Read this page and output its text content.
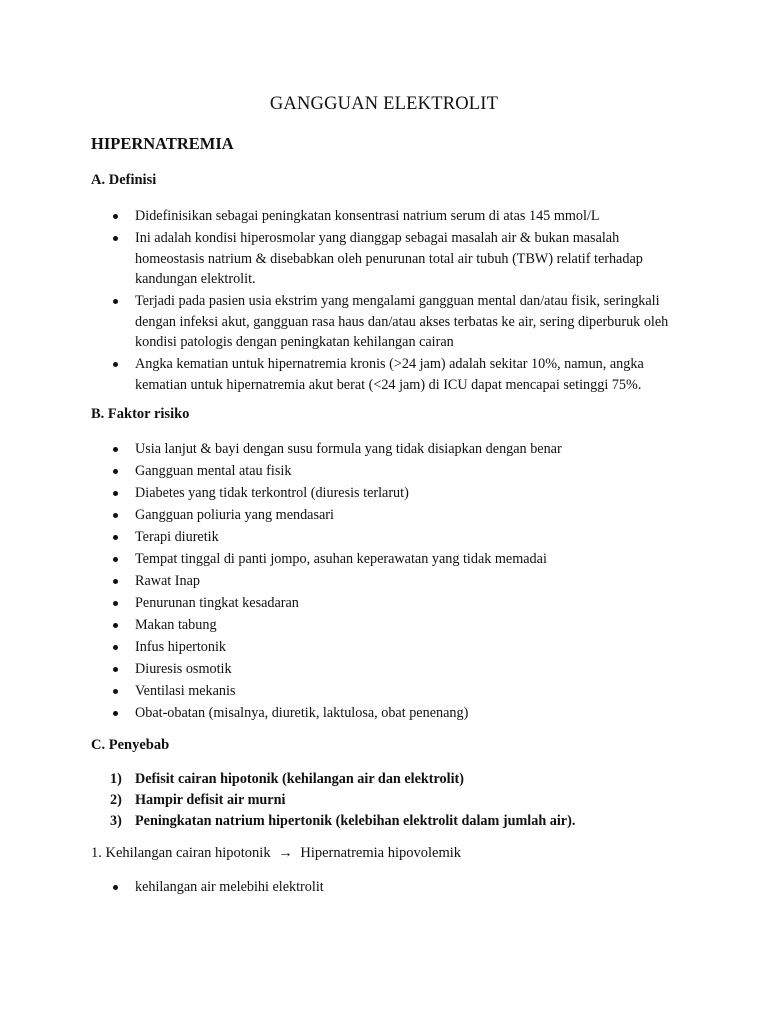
GANGGUAN ELEKTROLIT
HIPERNATREMIA
A. Definisi
Didefinisikan sebagai peningkatan konsentrasi natrium serum di atas 145 mmol/L
Ini adalah kondisi hiperosmolar yang dianggap sebagai masalah air & bukan masalah homeostasis natrium & disebabkan oleh penurunan total air tubuh (TBW) relatif terhadap kandungan elektrolit.
Terjadi pada pasien usia ekstrim yang mengalami gangguan mental dan/atau fisik, seringkali dengan infeksi akut, gangguan rasa haus dan/atau akses terbatas ke air, sering diperburuk oleh kondisi patologis dengan peningkatan kehilangan cairan
Angka kematian untuk hipernatremia kronis (>24 jam) adalah sekitar 10%, namun, angka kematian untuk hipernatremia akut berat (<24 jam) di ICU dapat mencapai setinggi 75%.
B. Faktor risiko
Usia lanjut & bayi dengan susu formula yang tidak disiapkan dengan benar
Gangguan mental atau fisik
Diabetes yang tidak terkontrol (diuresis terlarut)
Gangguan poliuria yang mendasari
Terapi diuretik
Tempat tinggal di panti jompo, asuhan keperawatan yang tidak memadai
Rawat Inap
Penurunan tingkat kesadaran
Makan tabung
Infus hipertonik
Diuresis osmotik
Ventilasi mekanis
Obat-obatan (misalnya, diuretik, laktulosa, obat penenang)
C. Penyebab
1) Defisit cairan hipotonik (kehilangan air dan elektrolit)
2) Hampir defisit air murni
3) Peningkatan natrium hipertonik (kelebihan elektrolit dalam jumlah air).

1. Kehilangan cairan hipotonik → Hipernatremia hipovolemik

kehilangan air melebihi elektrolit
